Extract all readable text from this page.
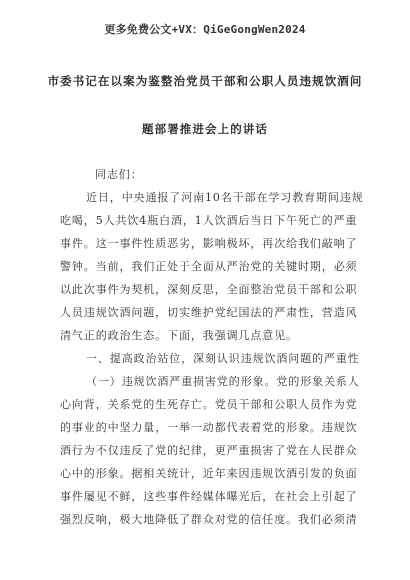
更多免费公文+VX：QiGeGongWen2024
市委书记在以案为鉴整治党员干部和公职人员违规饮酒问
题部署推进会上的讲话
同志们：
近日，中央通报了河南10名干部在学习教育期间违规
吃喝，5人共饮4瓶白酒，1人饮酒后当日下午死亡的严重
事件。这一事件性质恶劣，影响极坏，再次给我们敲响了
警钟。当前，我们正处于全面从严治党的关键时期，必须
以此次事件为契机，深刻反思，全面整治党员干部和公职
人员违规饮酒问题，切实维护党纪国法的严肃性，营造风
清气正的政治生态。下面，我强调几点意见。
一、提高政治站位，深刻认识违规饮酒问题的严重性
（一）违规饮酒严重损害党的形象。党的形象关系人
心向背，关系党的生死存亡。党员干部和公职人员作为党
的事业的中坚力量，一举一动都代表着党的形象。违规饮
酒行为不仅违反了党的纪律，更严重损害了党在人民群众
心中的形象。据相关统计，近年来因违规饮酒引发的负面
事件屡见不鲜，这些事件经媒体曝光后，在社会上引起了
强烈反响，极大地降低了群众对党的信任度。我们必须清
